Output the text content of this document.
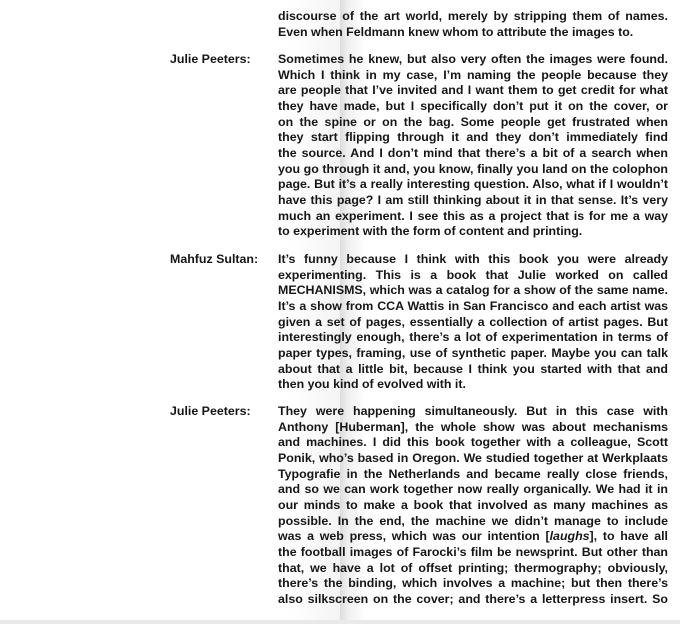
discourse of the art world, merely by stripping them of names.
Even when Feldmann knew whom to attribute the images to.
Julie Peeters:	Sometimes he knew, but also very often the images were found.
Which I think in my case, I’m naming the people because they
are people that I’ve invited and I want them to get credit for what
they have made, but I specifically don’t put it on the cover, or
on the spine or on the bag. Some people get frustrated when
they start flipping through it and they don’t immediately find
the source. And I don’t mind that there’s a bit of a search when
you go through it and, you know, finally you land on the colophon
page. But it’s a really interesting question. Also, what if I wouldn’t
have this page? I am still thinking about it in that sense. It’s very
much an experiment. I see this as a project that is for me a way
to experiment with the form of content and printing.
Mahfuz Sultan:	It’s funny because I think with this book you were already
experimenting. This is a book that Julie worked on called
MECHANISMS, which was a catalog for a show of the same name.
It’s a show from CCA Wattis in San Francisco and each artist was
given a set of pages, essentially a collection of artist pages. But
interestingly enough, there’s a lot of experimentation in terms of
paper types, framing, use of synthetic paper. Maybe you can talk
about that a little bit, because I think you started with that and
then you kind of evolved with it.
Julie Peeters:	They were happening simultaneously. But in this case with
Anthony [Huberman], the whole show was about mechanisms
and machines. I did this book together with a colleague, Scott
Ponik, who’s based in Oregon. We studied together at Werkplaats
Typografie in the Netherlands and became really close friends,
and so we can work together now really organically. We had it in
our minds to make a book that involved as many machines as
possible. In the end, the machine we didn’t manage to include
was a web press, which was our intention [laughs], to have all
the football images of Farocki’s film be newsprint. But other than
that, we have a lot of offset printing; thermography; obviously,
there’s the binding, which involves a machine; but then there’s
also silkscreen on the cover; and there’s a letterpress insert. So
